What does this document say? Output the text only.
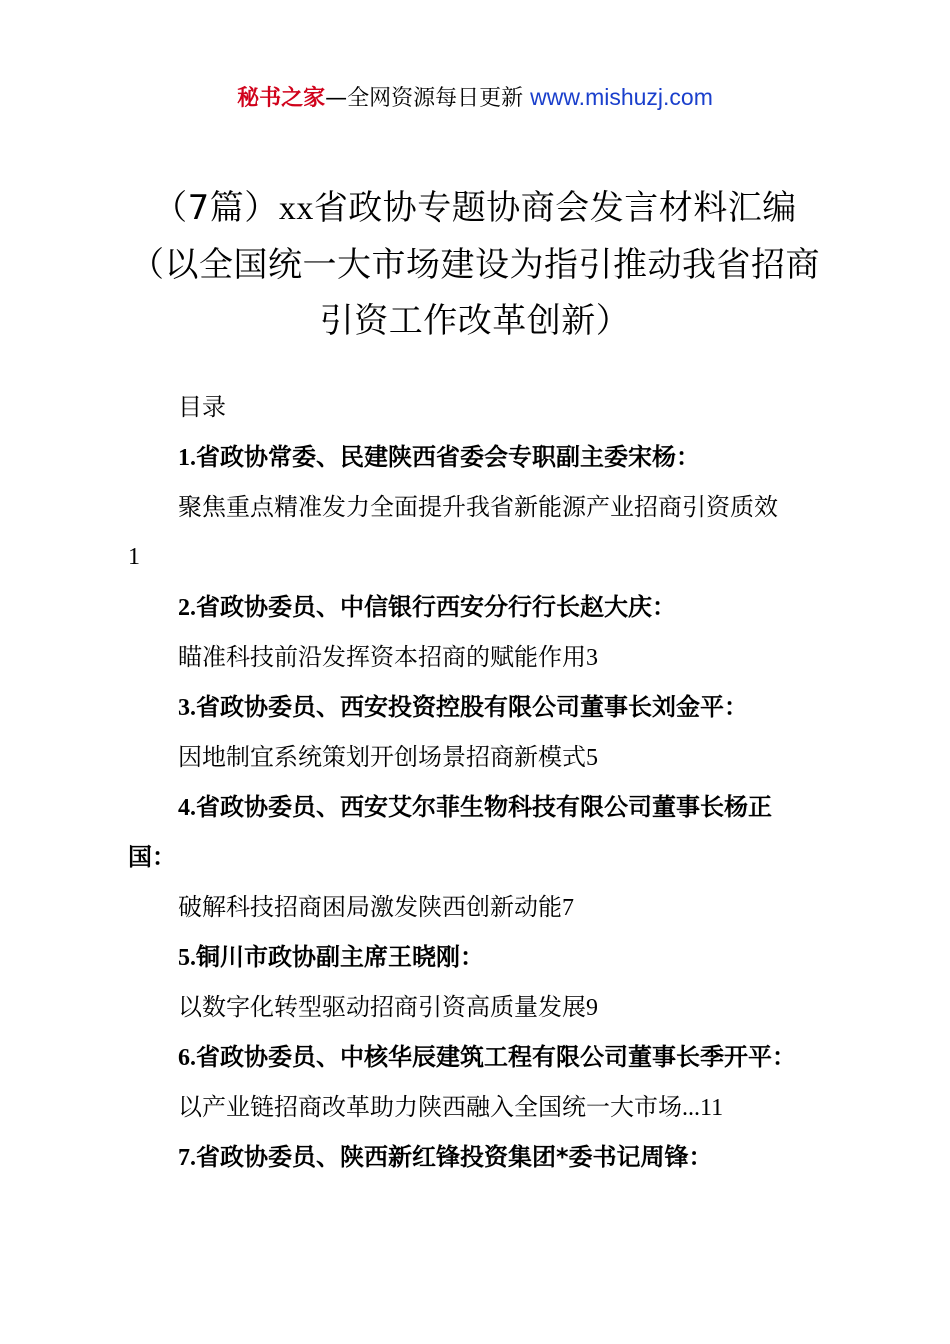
秘书之家—全网资源每日更新 www.mishuzj.com
（7篇）xx省政协专题协商会发言材料汇编
（以全国统一大市场建设为指引推动我省招商
引资工作改革创新）
目录
1.省政协常委、民建陕西省委会专职副主委宋杨：
聚焦重点精准发力全面提升我省新能源产业招商引资质效
1
2.省政协委员、中信银行西安分行行长赵大庆：
瞄准科技前沿发挥资本招商的赋能作用3
3.省政协委员、西安投资控股有限公司董事长刘金平：
因地制宜系统策划开创场景招商新模式5
4.省政协委员、西安艾尔菲生物科技有限公司董事长杨正
国：
破解科技招商困局激发陕西创新动能7
5.铜川市政协副主席王晓刚：
以数字化转型驱动招商引资高质量发展9
6.省政协委员、中核华辰建筑工程有限公司董事长季开平：
以产业链招商改革助力陕西融入全国统一大市场...11
7.省政协委员、陕西新红锋投资集团*委书记周锋：
